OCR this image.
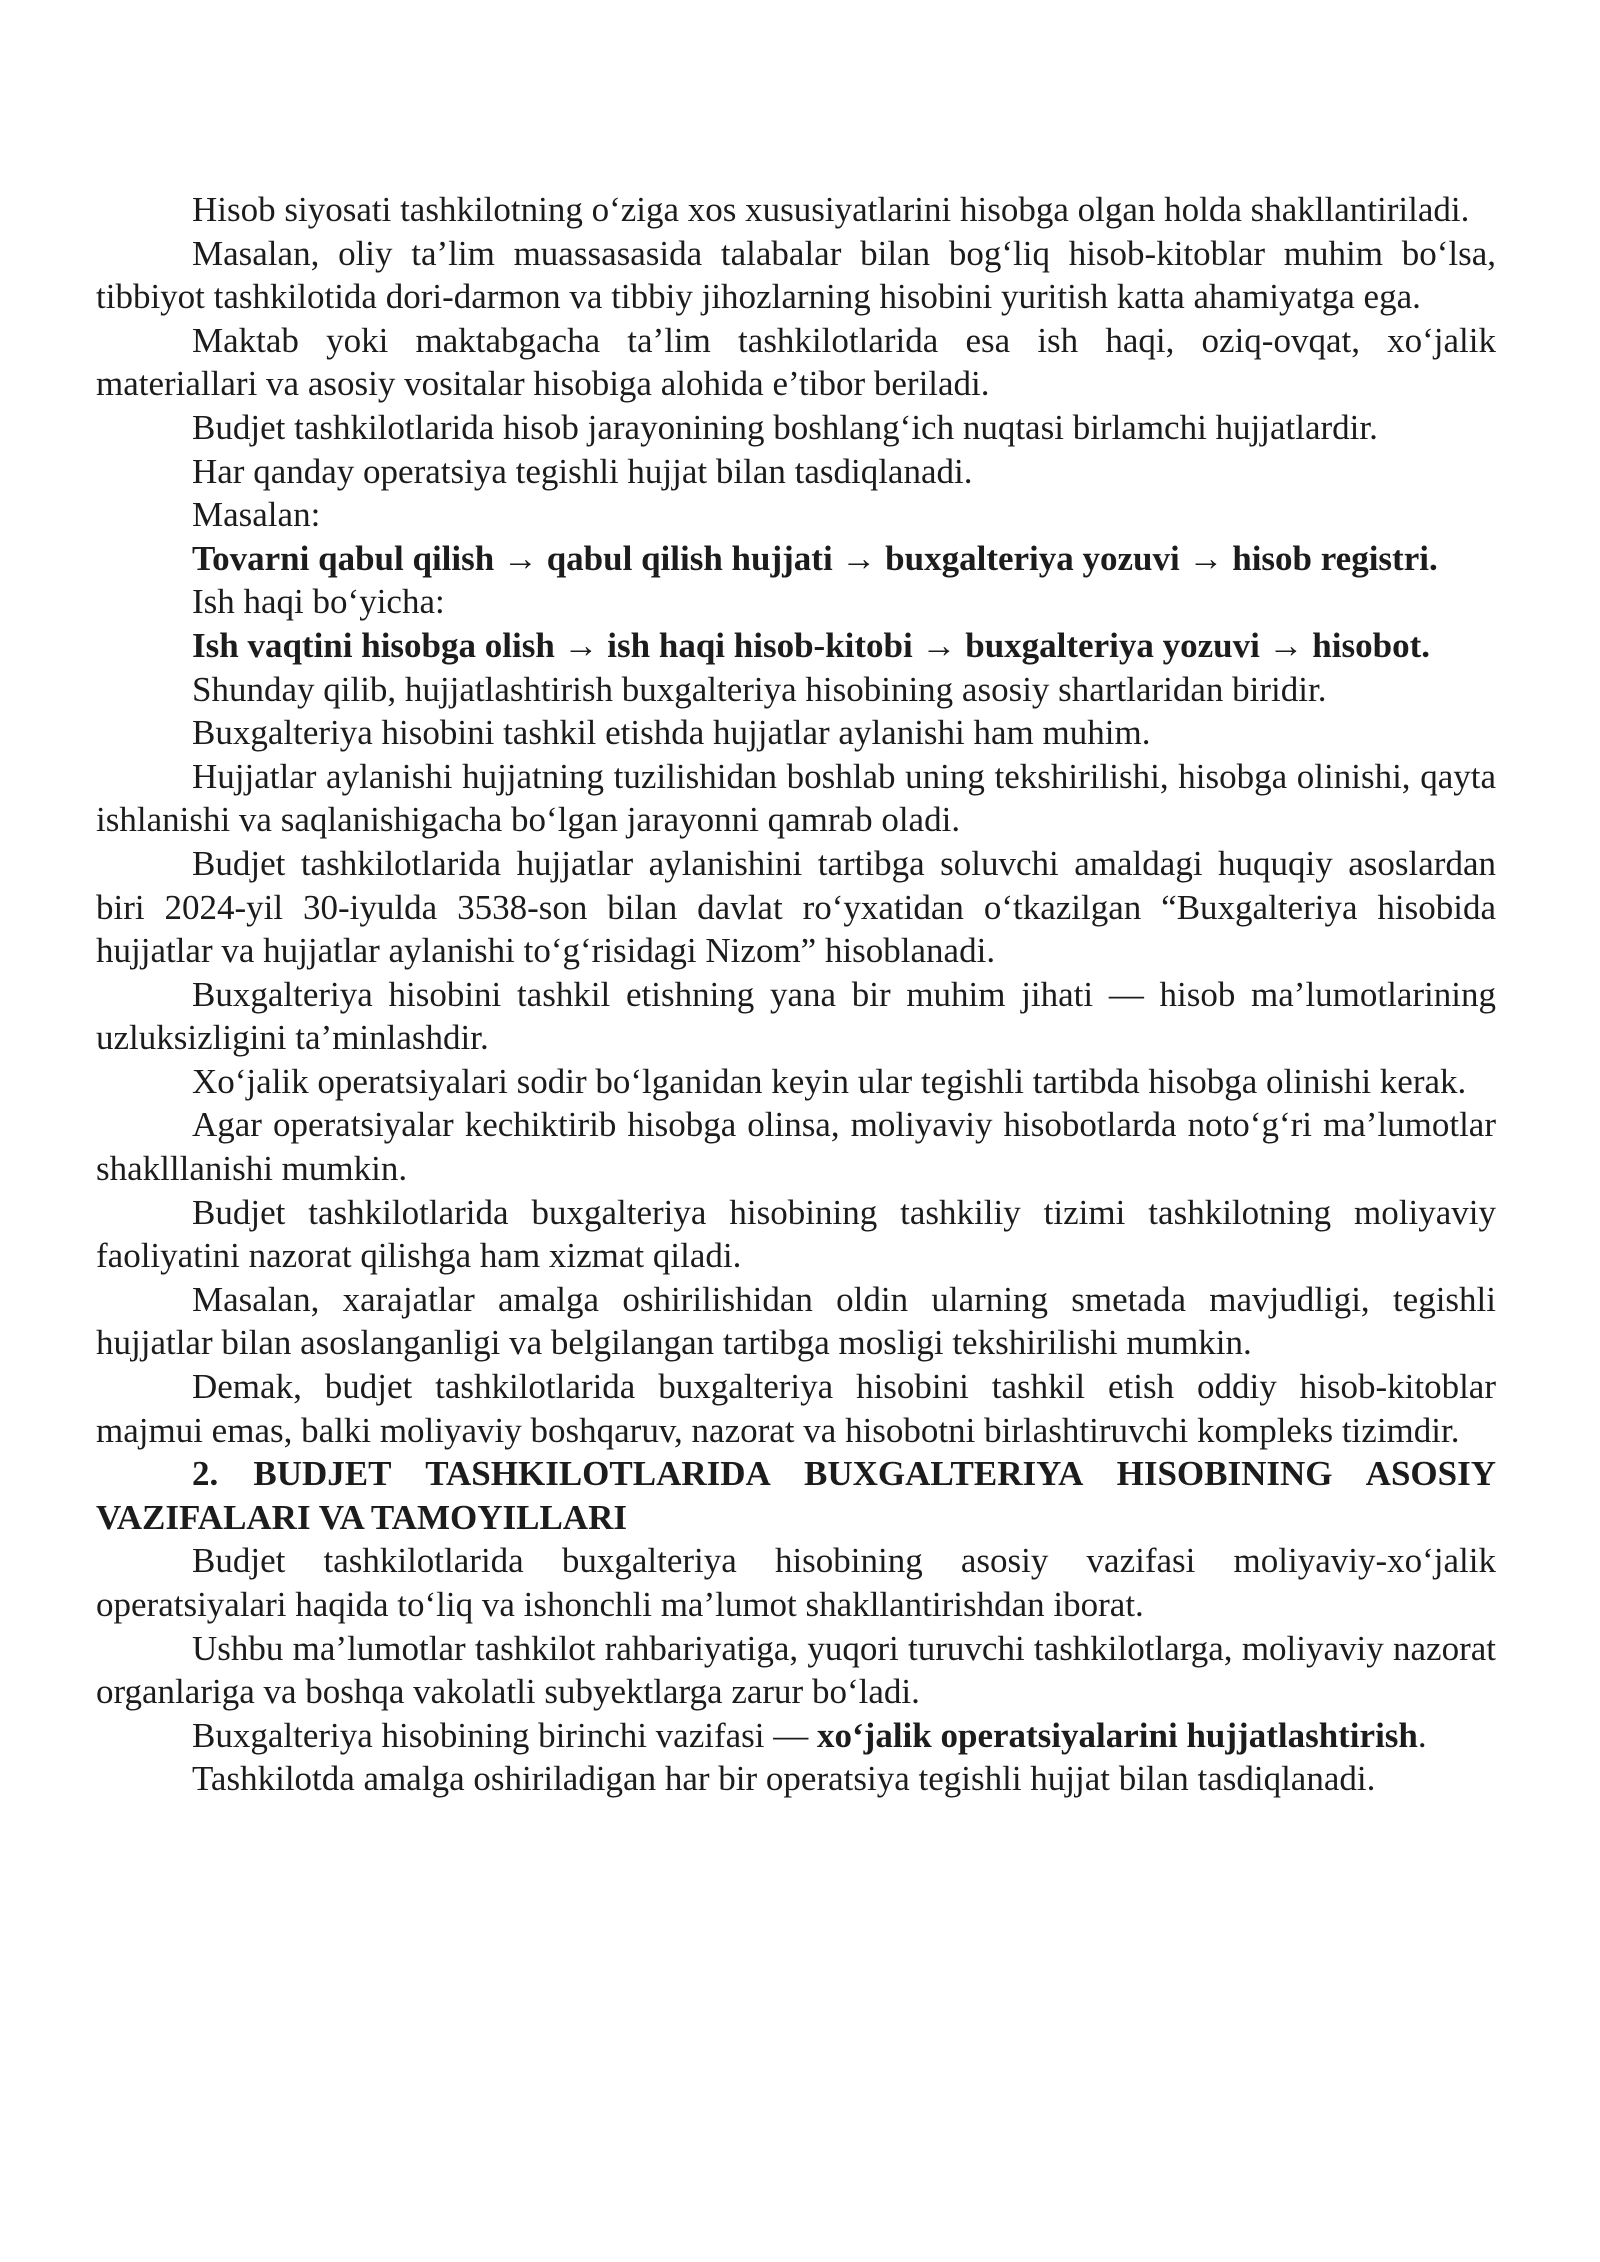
Hisob siyosati tashkilotning o‘ziga xos xususiyatlarini hisobga olgan holda shakllantiriladi.

Masalan, oliy ta’lim muassasasida talabalar bilan bog‘liq hisob-kitoblar muhim bo‘lsa, tibbiyot tashkilotida dori-darmon va tibbiy jihozlarning hisobini yuritish katta ahamiyatga ega.

Maktab yoki maktabgacha ta’lim tashkilotlarida esa ish haqi, oziq-ovqat, xo‘jalik materiallari va asosiy vositalar hisobiga alohida e’tibor beriladi.

Budjet tashkilotlarida hisob jarayonining boshlang‘ich nuqtasi birlamchi hujjatlardir.

Har qanday operatsiya tegishli hujjat bilan tasdiqlanadi.

Masalan:

Tovarni qabul qilish → qabul qilish hujjati → buxgalteriya yozuvi → hisob registri.

Ish haqi bo‘yicha:

Ish vaqtini hisobga olish → ish haqi hisob-kitobi → buxgalteriya yozuvi → hisobot.

Shunday qilib, hujjatlashtirish buxgalteriya hisobining asosiy shartlaridan biridir.

Buxgalteriya hisobini tashkil etishda hujjatlar aylanishi ham muhim.

Hujjatlar aylanishi hujjatning tuzilishidan boshlab uning tekshirilishi, hisobga olinishi, qayta ishlanishi va saqlanishigacha bo‘lgan jarayonni qamrab oladi.

Budjet tashkilotlarida hujjatlar aylanishini tartibga soluvchi amaldagi huquqiy asoslardan biri 2024-yil 30-iyulda 3538-son bilan davlat ro‘yxatidan o‘tkazilgan “Buxgalteriya hisobida hujjatlar va hujjatlar aylanishi to‘g‘risidagi Nizom” hisoblanadi.

Buxgalteriya hisobini tashkil etishning yana bir muhim jihati — hisob ma’lumotlarining uzluksizligini ta’minlashdir.

Xo‘jalik operatsiyalari sodir bo‘lganidan keyin ular tegishli tartibda hisobga olinishi kerak.

Agar operatsiyalar kechiktirib hisobga olinsa, moliyaviy hisobotlarda noto‘g‘ri ma’lumotlar shaklllanishi mumkin.

Budjet tashkilotlarida buxgalteriya hisobining tashkiliy tizimi tashkilotning moliyaviy faoliyatini nazorat qilishga ham xizmat qiladi.

Masalan, xarajatlar amalga oshirilishidan oldin ularning smetada mavjudligi, tegishli hujjatlar bilan asoslanganligi va belgilangan tartibga mosligi tekshirilishi mumkin.

Demak, budjet tashkilotlarida buxgalteriya hisobini tashkil etish oddiy hisob-kitoblar majmui emas, balki moliyaviy boshqaruv, nazorat va hisobotni birlashtiruvchi kompleks tizimdir.

2. BUDJET TASHKILOTLARIDA BUXGALTERIYA HISOBINING ASOSIY VAZIFALARI VA TAMOYILLARI

Budjet tashkilotlarida buxgalteriya hisobining asosiy vazifasi moliyaviy-xo‘jalik operatsiyalari haqida to‘liq va ishonchli ma’lumot shakllantirishdan iborat.

Ushbu ma’lumotlar tashkilot rahbariyatiga, yuqori turuvchi tashkilotlarga, moliyaviy nazorat organlariga va boshqa vakolatli subyektlarga zarur bo‘ladi.

Buxgalteriya hisobining birinchi vazifasi — xo‘jalik operatsiyalarini hujjatlashtirish.

Tashkilotda amalga oshiriladigan har bir operatsiya tegishli hujjat bilan tasdiqlanadi.
